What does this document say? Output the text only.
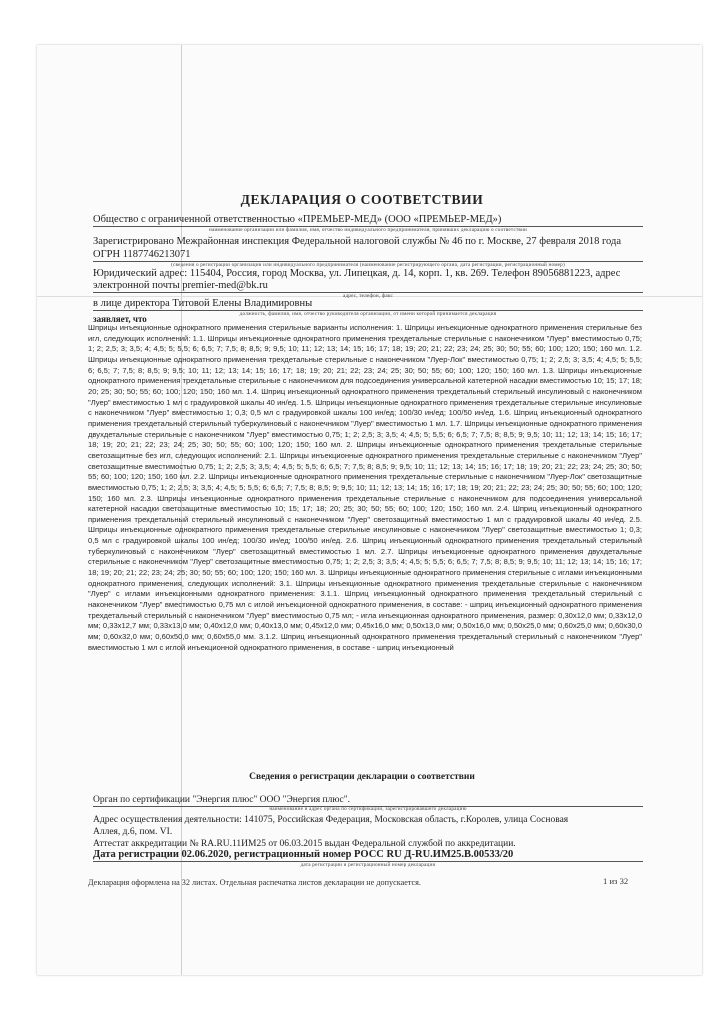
ДЕКЛАРАЦИЯ О СООТВЕТСТВИИ
Общество с ограниченной ответственностью «ПРЕМЬЕР-МЕД» (ООО «ПРЕМЬЕР-МЕД»)
наименование организации или фамилия, имя, отчество индивидуального предпринимателя, принявших декларацию о соответствии
Зарегистрировано Межрайонная инспекция Федеральной налоговой службы № 46 по г. Москве, 27 февраля 2018 года
ОГРН 1187746213071
(сведения о регистрации организации или индивидуального предпринимателя (наименование регистрирующего органа, дата регистрации, регистрационный номер)
Юридический адрес: 115404, Россия, город Москва, ул. Липецкая, д. 14, корп. 1, кв. 269. Телефон 89056881223, адрес
электронной почты premier-med@bk.ru
адрес, телефон, факс
в лице директора Титовой Елены Владимировны
должность, фамилия, имя, отчество руководителя организации, от имени которой принимается декларация
заявляет, что

Шприцы инъекционные однократного применения стерильные варианты исполнения: 1. Шприцы инъекционные однократного применения стерильные без игл, следующих исполнений: 1.1. Шприцы инъекционные однократного применения трехдетальные стерильные с наконечником "Луер" вместимостью 0,75; 1; 2; 2,5; 3; 3,5; 4; 4,5; 5; 5,5; 6; 6,5; 7; 7,5; 8; 8,5; 9; 9,5; 10; 11; 12; 13; 14; 15; 16; 17; 18; 19; 20; 21; 22; 23; 24; 25; 30; 50; 55; 60; 100; 120; 150; 160 мл. 1.2. Шприцы инъекционные однократного применения трехдетальные стерильные с наконечником "Луер-Лок" вместимостью 0,75; 1; 2; 2,5; 3; 3,5; 4; 4,5; 5; 5,5; 6; 6,5; 7; 7,5; 8; 8,5; 9; 9,5; 10; 11; 12; 13; 14; 15; 16; 17; 18; 19; 20; 21; 22; 23; 24; 25; 30; 50; 55; 60; 100; 120; 150; 160 мл. 1.3. Шприцы инъекционные однократного применения трехдетальные стерильные с наконечником для подсоединения универсальной катетерной насадки вместимостью 10; 15; 17; 18; 20; 25; 30; 50; 55; 60; 100; 120; 150; 160 мл. 1.4. Шприц инъекционный однократного применения трехдетальный стерильный инсулиновый с наконечником "Луер" вместимостью 1 мл с градуировкой шкалы 40 ин/ед. 1.5. Шприцы инъекционные однократного применения трехдетальные стерильные инсулиновые с наконечником "Луер" вместимостью 1; 0,3; 0,5 мл с градуировкой шкалы 100 ин/ед; 100/30 ин/ед; 100/50 ин/ед. 1.6. Шприц инъекционный однократного применения трехдетальный стерильный туберкулиновый с наконечником "Луер" вместимостью 1 мл. 1.7. Шприцы инъекционные однократного применения двухдетальные стерильные с наконечником "Луер" вместимостью 0,75; 1; 2; 2,5; 3; 3,5; 4; 4,5; 5; 5,5; 6; 6,5; 7; 7,5; 8; 8,5; 9; 9,5; 10; 11; 12; 13; 14; 15; 16; 17; 18; 19; 20; 21; 22; 23; 24; 25; 30; 50; 55; 60; 100; 120; 150; 160 мл. 2. Шприцы инъекционные однократного применения трехдетальные стерильные светозащитные без игл, следующих исполнений: 2.1. Шприцы инъекционные однократного применения трехдетальные стерильные с наконечником "Луер" светозащитные вместимостью 0,75; 1; 2; 2,5; 3; 3,5; 4; 4,5; 5; 5,5; 6; 6,5; 7; 7,5; 8; 8,5; 9; 9,5; 10; 11; 12; 13; 14; 15; 16; 17; 18; 19; 20; 21; 22; 23; 24; 25; 30; 50; 55; 60; 100; 120; 150; 160 мл. 2.2. Шприцы инъекционные однократного применения трехдетальные стерильные с наконечником "Луер-Лок" светозащитные вместимостью 0,75; 1; 2; 2,5; 3; 3,5; 4; 4,5; 5; 5,5; 6; 6,5; 7; 7,5; 8; 8,5; 9; 9,5; 10; 11; 12; 13; 14; 15; 16; 17; 18; 19; 20; 21; 22; 23; 24; 25; 30; 50; 55; 60; 100; 120; 150; 160 мл. 2.3. Шприцы инъекционные однократного применения трехдетальные стерильные с наконечником для подсоединения универсальной катетерной насадки светозащитные вместимостью 10; 15; 17; 18; 20; 25; 30; 50; 55; 60; 100; 120; 150; 160 мл. 2.4. Шприц инъекционный однократного применения трехдетальный стерильный инсулиновый с наконечником "Луер" светозащитный вместимостью 1 мл с градуировкой шкалы 40 ин/ед. 2.5. Шприцы инъекционные однократного применения трехдетальные стерильные инсулиновые с наконечником "Луер" светозащитные вместимостью 1; 0,3; 0,5 мл с градуировкой шкалы 100 ин/ед; 100/30 ин/ед; 100/50 ин/ед. 2.6. Шприц инъекционный однократного применения трехдетальный стерильный туберкулиновый с наконечником "Луер" светозащитный вместимостью 1 мл. 2.7. Шприцы инъекционные однократного применения двухдетальные стерильные с наконечником "Луер" светозащитные вместимостью 0,75; 1; 2; 2,5; 3; 3,5; 4; 4,5; 5; 5,5; 6; 6,5; 7; 7,5; 8; 8,5; 9; 9,5; 10; 11; 12; 13; 14; 15; 16; 17; 18; 19; 20; 21; 22; 23; 24; 25; 30; 50; 55; 60; 100; 120; 150; 160 мл. 3. Шприцы инъекционные однократного применения стерильные с иглами инъекционными однократного применения, следующих исполнений: 3.1. Шприцы инъекционные однократного применения трехдетальные стерильные с наконечником "Луер" с иглами инъекционными однократного применения: 3.1.1. Шприц инъекционный однократного применения трехдетальный стерильный с наконечником "Луер" вместимостью 0,75 мл с иглой инъекционной однократного применения, в составе: - шприц инъекционный однократного применения трехдетальный стерильный с наконечником "Луер" вместимостью 0,75 мл; - игла инъекционная однократного применения, размер: 0,30х12,0 мм; 0,33х12,0 мм; 0,33х12,7 мм; 0,33х13,0 мм; 0,40х12,0 мм; 0,40х13,0 мм; 0,45х12,0 мм; 0,45х16,0 мм; 0,50х13,0 мм; 0,50х16,0 мм; 0,50х25,0 мм; 0,60х25,0 мм; 0,60х30,0 мм; 0,60х32,0 мм; 0,60х50,0 мм; 0,60х55,0 мм. 3.1.2. Шприц инъекционный однократного применения трехдетальный стерильный с наконечником "Луер" вместимостью 1 мл с иглой инъекционной однократного применения, в составе - шприц инъекционный

Сведения о регистрации декларации о соответствии
Орган по сертификации "Энергия плюс" ООО "Энергия плюс".
наименование и адрес органа по сертификации, зарегистрировавшего декларацию
Адрес осуществления деятельности: 141075, Российская Федерация, Московская область, г.Королев, улица Сосновая
Аллея, д.6, пом. VI.
Аттестат аккредитации № RA.RU.11ИМ25 от 06.03.2015 выдан Федеральной службой по аккредитации.
Дата регистрации 02.06.2020, регистрационный номер РОСС RU Д-RU.ИМ25.В.00533/20
дата регистрации и регистрационный номер декларации
Декларация оформлена на 32 листах. Отдельная распечатка листов декларации не допускается.	1 из 32
